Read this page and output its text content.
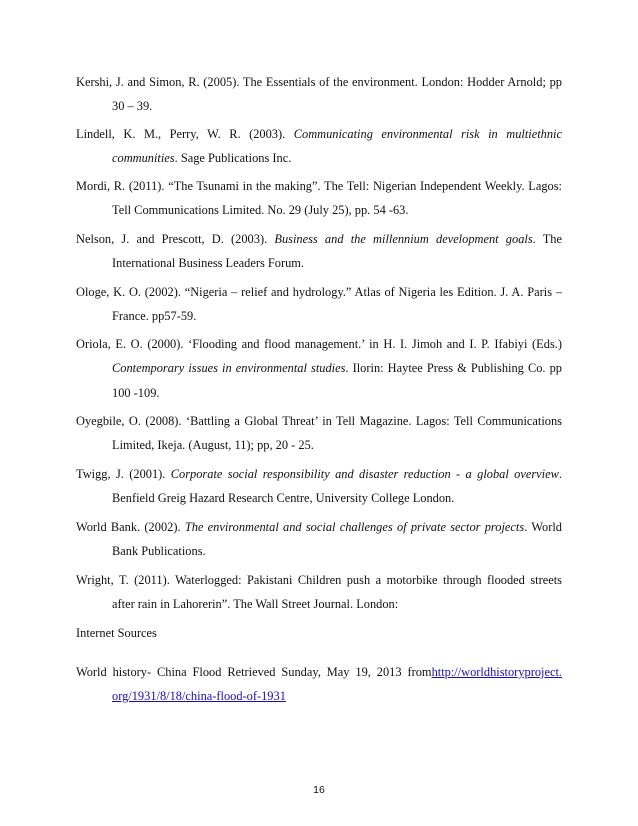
Kershi, J. and Simon, R. (2005). The Essentials of the environment. London: Hodder Arnold; pp
30 – 39.
Lindell, K. M., Perry, W. R. (2003). Communicating environmental risk in multiethnic
communities. Sage Publications Inc.
Mordi, R. (2011). “The Tsunami in the making”. The Tell: Nigerian Independent Weekly. Lagos:
Tell Communications Limited. No. 29 (July 25), pp. 54 -63.
Nelson, J. and Prescott, D. (2003). Business and the millennium development goals. The
International Business Leaders Forum.
Ologe, K. O. (2002). “Nigeria – relief and hydrology.” Atlas of Nigeria les Edition. J. A. Paris –
France. pp57-59.
Oriola, E. O. (2000). ‘Flooding and flood management.’ in H. I. Jimoh and I. P. Ifabiyi (Eds.)
Contemporary issues in environmental studies. Ilorin: Haytee Press & Publishing Co. pp
100 -109.
Oyegbile, O. (2008). ‘Battling a Global Threat’ in Tell Magazine. Lagos: Tell Communications
Limited, Ikeja. (August, 11); pp, 20 - 25.
Twigg, J. (2001). Corporate social responsibility and disaster reduction - a global overview.
Benfield Greig Hazard Research Centre, University College London.
World Bank. (2002). The environmental and social challenges of private sector projects. World
Bank Publications.
Wright, T. (2011). Waterlogged: Pakistani Children push a motorbike through flooded streets
after rain in Lahorerin”. The Wall Street Journal. London:
Internet Sources
World history- China Flood Retrieved Sunday, May 19, 2013 fromhttp://worldhistoryproject.
org/1931/8/18/china-flood-of-1931
16
